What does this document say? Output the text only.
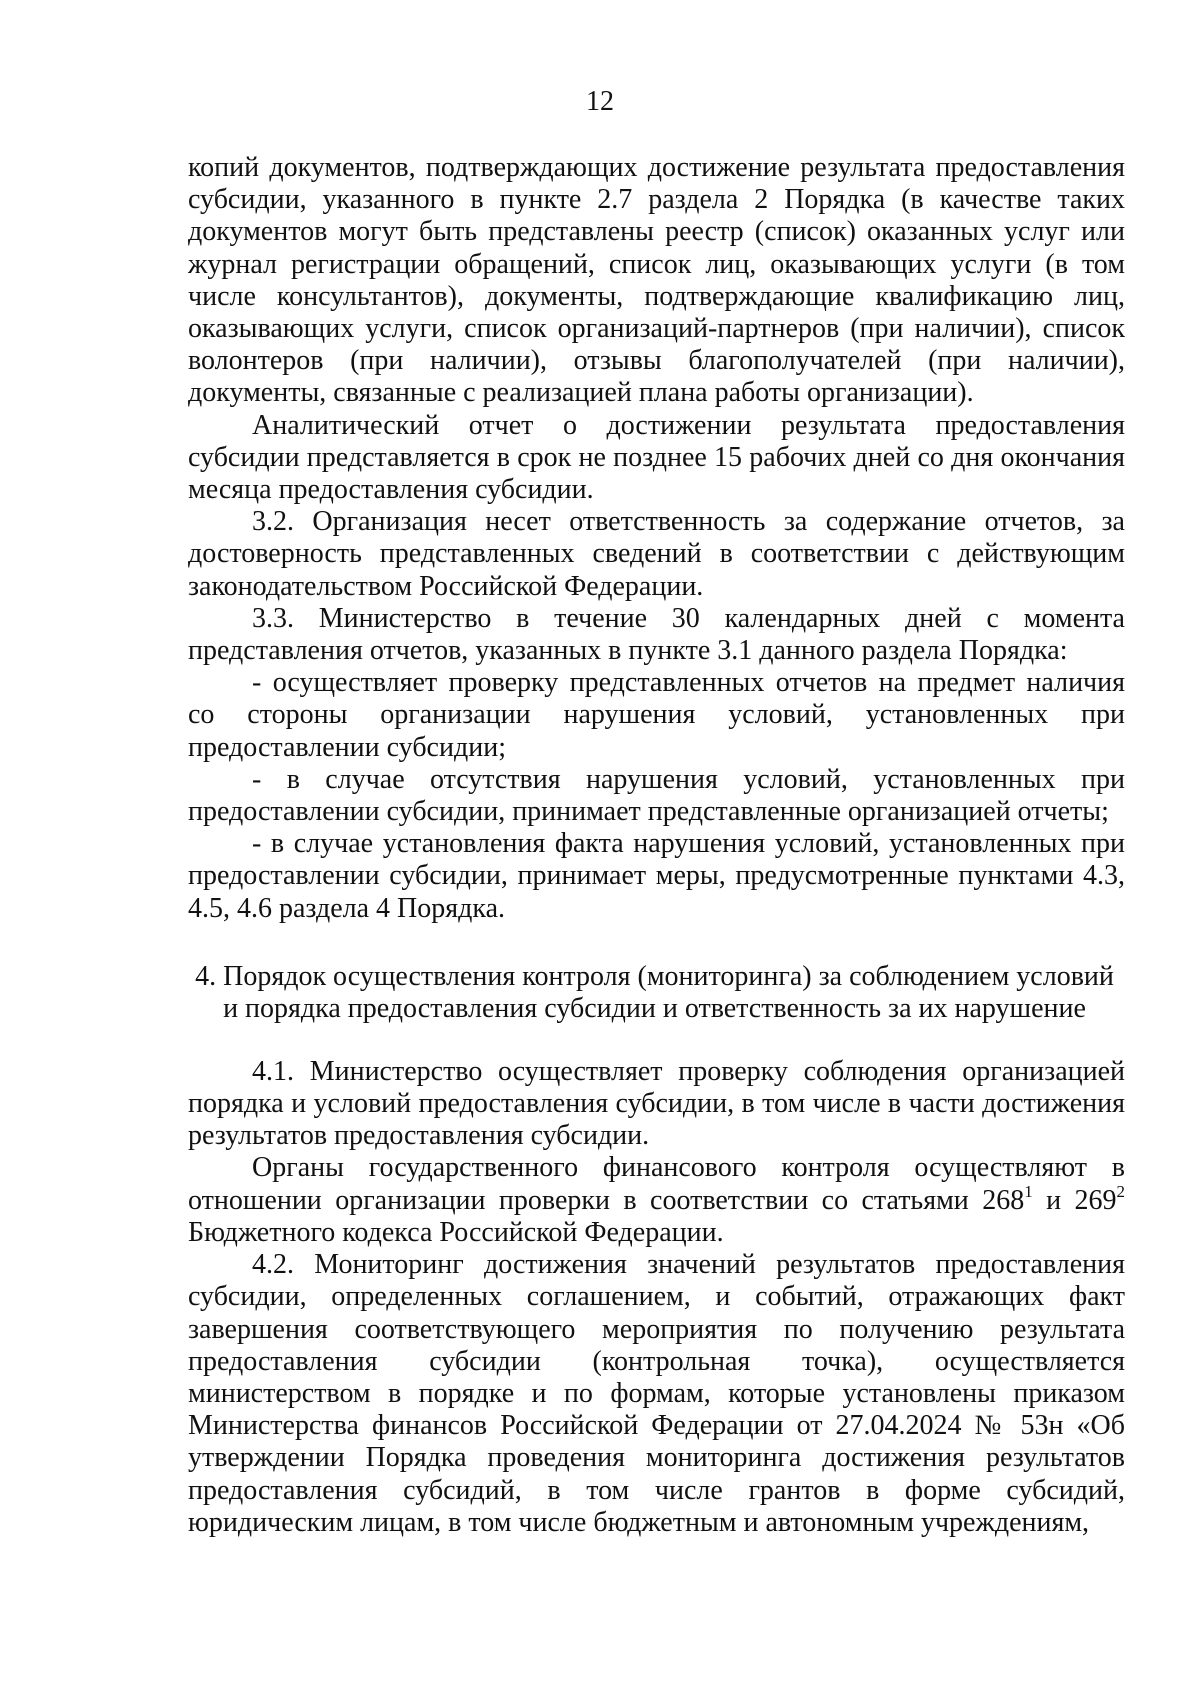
12

копий документов, подтверждающих достижение результата предоставления субсидии, указанного в пункте 2.7 раздела 2 Порядка (в качестве таких документов могут быть представлены реестр (список) оказанных услуг или журнал регистрации обращений, список лиц, оказывающих услуги (в том числе консультантов), документы, подтверждающие квалификацию лиц, оказывающих услуги, список организаций-партнеров (при наличии), список волонтеров (при наличии), отзывы благополучателей (при наличии), документы, связанные с реализацией плана работы организации).

Аналитический отчет о достижении результата предоставления субсидии представляется в срок не позднее 15 рабочих дней со дня окончания месяца предоставления субсидии.

3.2. Организация несет ответственность за содержание отчетов, за достоверность представленных сведений в соответствии с действующим законодательством Российской Федерации.

3.3. Министерство в течение 30 календарных дней с момента представления отчетов, указанных в пункте 3.1 данного раздела Порядка:

- осуществляет проверку представленных отчетов на предмет наличия со стороны организации нарушения условий, установленных при предоставлении субсидии;

- в случае отсутствия нарушения условий, установленных при предоставлении субсидии, принимает представленные организацией отчеты;

- в случае установления факта нарушения условий, установленных при предоставлении субсидии, принимает меры, предусмотренные пунктами 4.3, 4.5, 4.6 раздела 4 Порядка.

4. Порядок осуществления контроля (мониторинга) за соблюдением условий
и порядка предоставления субсидии и ответственность за их нарушение

4.1. Министерство осуществляет проверку соблюдения организацией порядка и условий предоставления субсидии, в том числе в части достижения результатов предоставления субсидии.

Органы государственного финансового контроля осуществляют в отношении организации проверки в соответствии со статьями $268^1$ и $269^2$ Бюджетного кодекса Российской Федерации.

4.2. Мониторинг достижения значений результатов предоставления субсидии, определенных соглашением, и событий, отражающих факт завершения соответствующего мероприятия по получению результата предоставления субсидии (контрольная точка), осуществляется министерством в порядке и по формам, которые установлены приказом Министерства финансов Российской Федерации от 27.04.2024 № 53н «Об утверждении Порядка проведения мониторинга достижения результатов предоставления субсидий, в том числе грантов в форме субсидий, юридическим лицам, в том числе бюджетным и автономным учреждениям,
